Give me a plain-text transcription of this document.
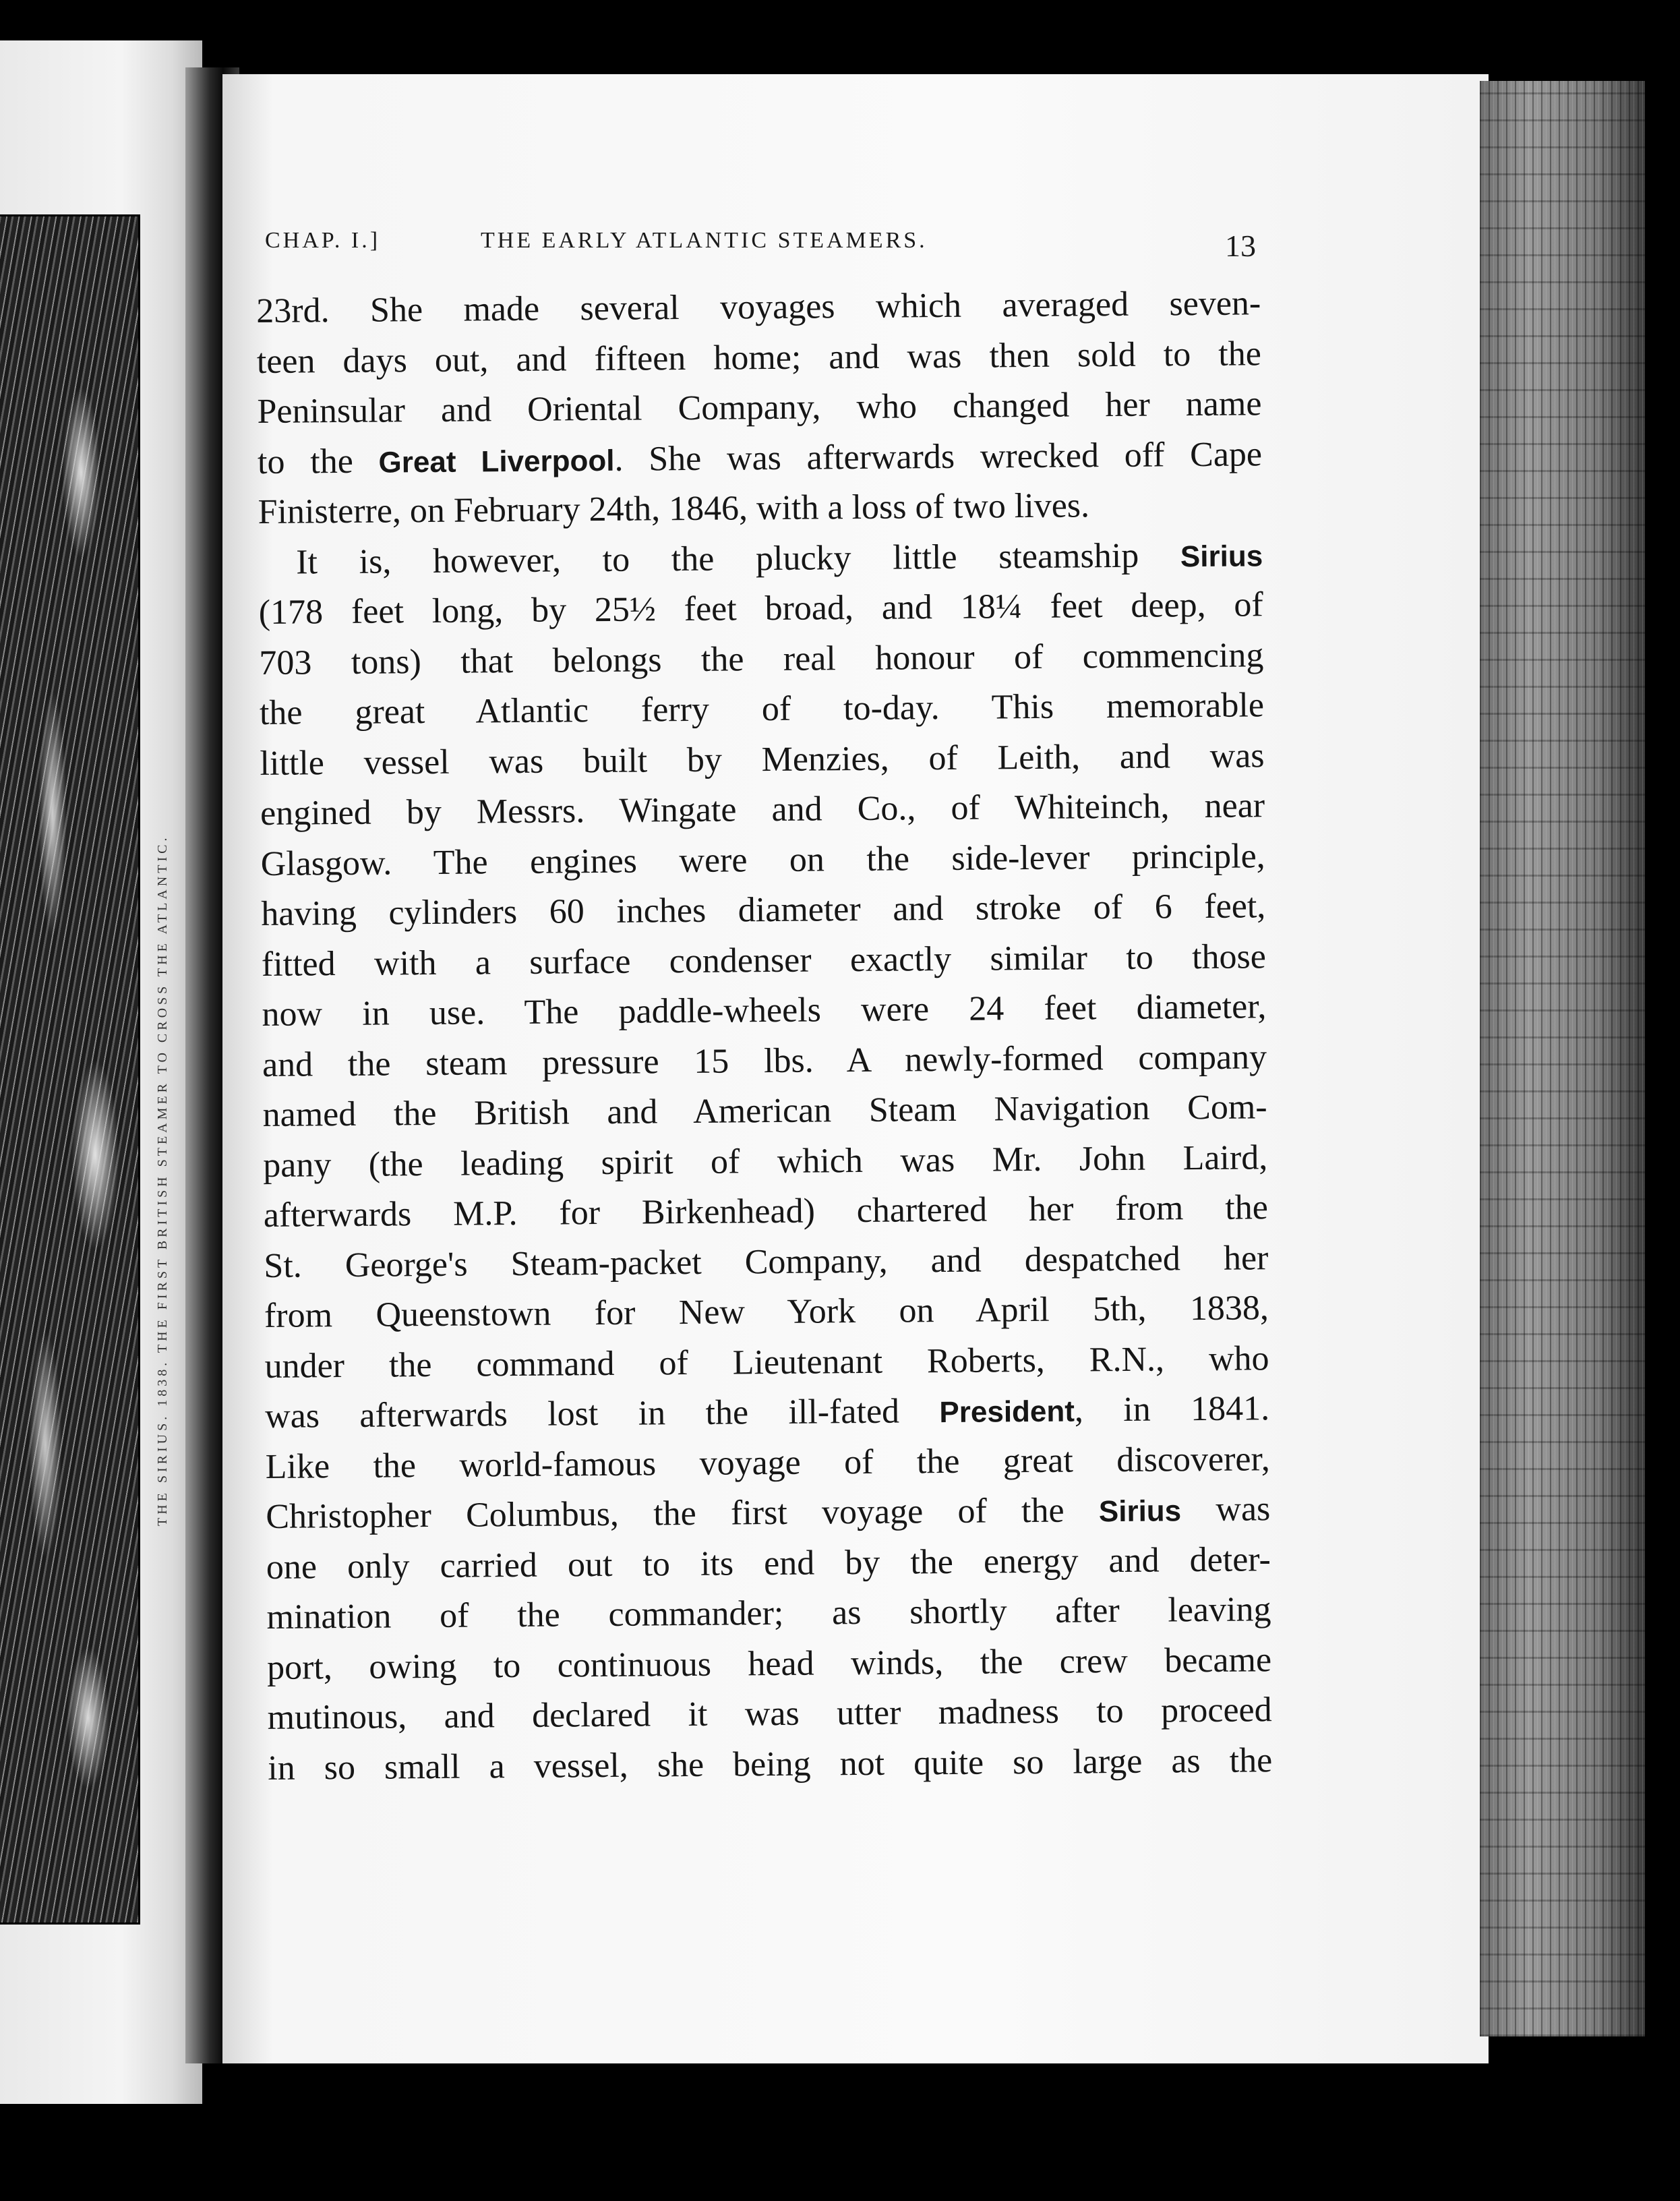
THE SIRIUS. 1838. THE FIRST BRITISH STEAMER TO CROSS THE ATLANTIC.
CHAP. I.]	THE EARLY ATLANTIC STEAMERS.	13
23rd. She made several voyages which averaged seven-
teen days out, and fifteen home; and was then sold to the
Peninsular and Oriental Company, who changed her name
to the Great Liverpool. She was afterwards wrecked off Cape
Finisterre, on February 24th, 1846, with a loss of two lives.
It is, however, to the plucky little steamship Sirius
(178 feet long, by 25½ feet broad, and 18¼ feet deep, of
703 tons) that belongs the real honour of commencing
the great Atlantic ferry of to-day. This memorable
little vessel was built by Menzies, of Leith, and was
engined by Messrs. Wingate and Co., of Whiteinch, near
Glasgow. The engines were on the side-lever principle,
having cylinders 60 inches diameter and stroke of 6 feet,
fitted with a surface condenser exactly similar to those
now in use. The paddle-wheels were 24 feet diameter,
and the steam pressure 15 lbs. A newly-formed company
named the British and American Steam Navigation Com-
pany (the leading spirit of which was Mr. John Laird,
afterwards M.P. for Birkenhead) chartered her from the
St. George's Steam-packet Company, and despatched her
from Queenstown for New York on April 5th, 1838,
under the command of Lieutenant Roberts, R.N., who
was afterwards lost in the ill-fated President, in 1841.
Like the world-famous voyage of the great discoverer,
Christopher Columbus, the first voyage of the Sirius was
one only carried out to its end by the energy and deter-
mination of the commander; as shortly after leaving
port, owing to continuous head winds, the crew became
mutinous, and declared it was utter madness to proceed
in so small a vessel, she being not quite so large as the
